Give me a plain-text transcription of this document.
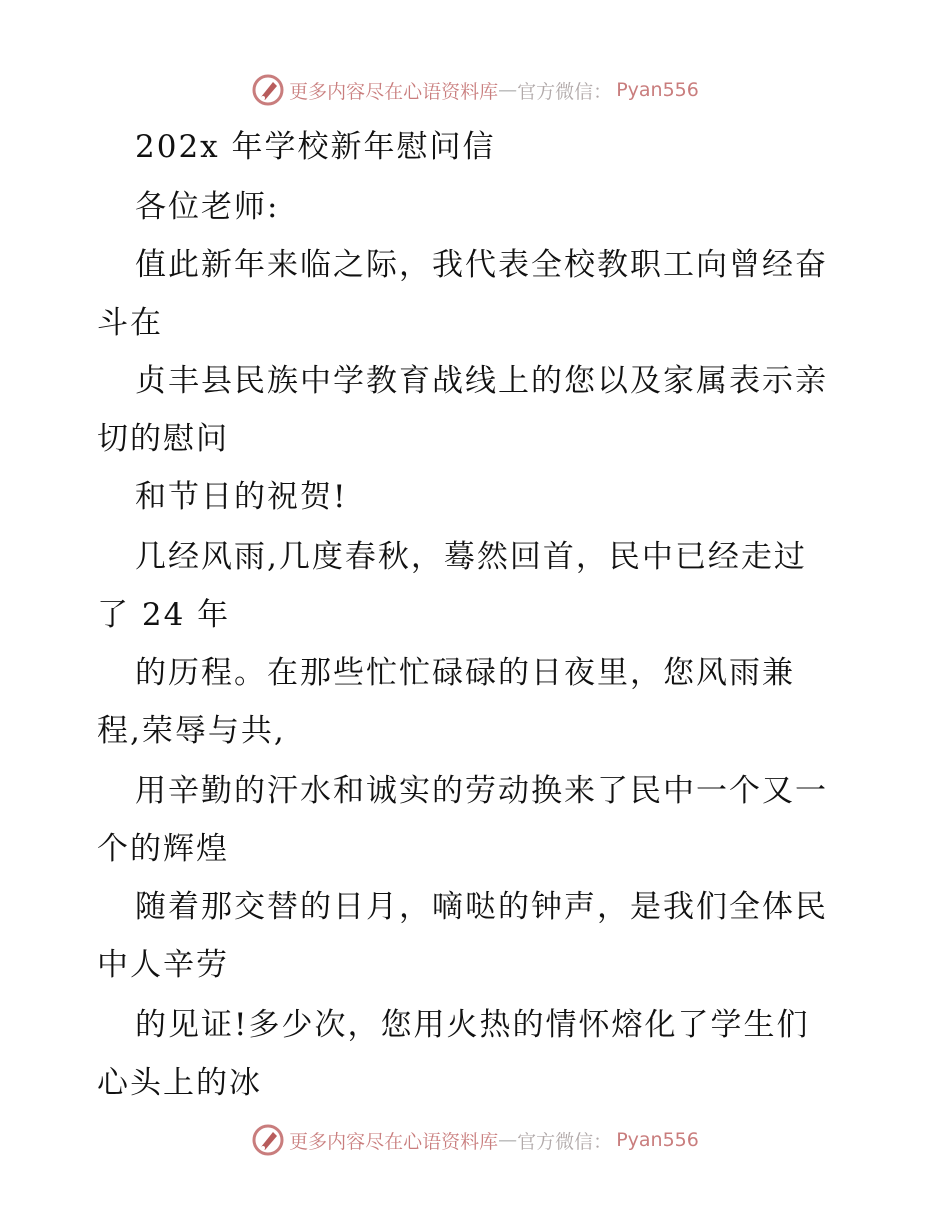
更多内容尽在心语资料库 — 官方微信： Pyan556
202x 年学校新年慰问信
各位老师:
值此新年来临之际，我代表全校教职工向曾经奋
斗在
贞丰县民族中学教育战线上的您以及家属表示亲
切的慰问
和节日的祝贺!
几经风雨,几度春秋，蓦然回首，民中已经走过
了 24 年
的历程。在那些忙忙碌碌的日夜里，您风雨兼
程,荣辱与共,
用辛勤的汗水和诚实的劳动换来了民中一个又一
个的辉煌
随着那交替的日月，嘀哒的钟声，是我们全体民
中人辛劳
的见证!多少次，您用火热的情怀熔化了学生们
心头上的冰
更多内容尽在心语资料库 — 官方微信： Pyan556
